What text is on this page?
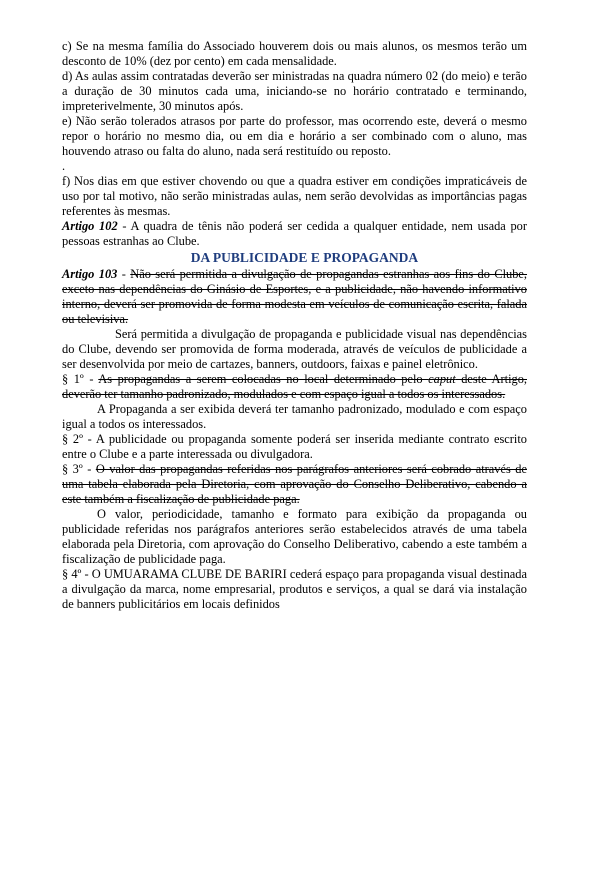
c) Se na mesma família do Associado houverem dois ou mais alunos, os mesmos terão um desconto de 10% (dez por cento) em cada mensalidade.

d) As aulas assim contratadas deverão ser ministradas na quadra número 02 (do meio) e terão a duração de 30 minutos cada uma, iniciando-se no horário contratado e terminando, impreterivelmente, 30 minutos após.

e) Não serão tolerados atrasos por parte do professor, mas ocorrendo este, deverá o mesmo repor o horário no mesmo dia, ou em dia e horário a ser combinado com o aluno, mas houvendo atraso ou falta do aluno, nada será restituído ou reposto.

.

f) Nos dias em que estiver chovendo ou que a quadra estiver em condições impraticáveis de uso por tal motivo, não serão ministradas aulas, nem serão devolvidas as importâncias pagas referentes às mesmas.

Artigo 102 - A quadra de tênis não poderá ser cedida a qualquer entidade, nem usada por pessoas estranhas ao Clube.

DA PUBLICIDADE E PROPAGANDA

Artigo 103 - Não será permitida a divulgação de propagandas estranhas aos fins do Clube, exceto nas dependências do Ginásio de Esportes, e a publicidade, não havendo informativo interno, deverá ser promovida de forma modesta em veículos de comunicação escrita, falada ou televisiva.

Será permitida a divulgação de propaganda e publicidade visual nas dependências do Clube, devendo ser promovida de forma moderada, através de veículos de publicidade a ser desenvolvida por meio de cartazes, banners, outdoors, faixas e painel eletrônico.

§ 1º - As propagandas a serem colocadas no local determinado pelo caput deste Artigo, deverão ter tamanho padronizado, modulados e com espaço igual a todos os interessados.

A Propaganda a ser exibida deverá ter tamanho padronizado, modulado e com espaço igual a todos os interessados.

§ 2º - A publicidade ou propaganda somente poderá ser inserida mediante contrato escrito entre o Clube e a parte interessada ou divulgadora.

§ 3º - O valor das propagandas referidas nos parágrafos anteriores será cobrado através de uma tabela elaborada pela Diretoria, com aprovação do Conselho Deliberativo, cabendo a este também a fiscalização de publicidade paga.

O valor, periodicidade, tamanho e formato para exibição da propaganda ou publicidade referidas nos parágrafos anteriores serão estabelecidos através de uma tabela elaborada pela Diretoria, com aprovação do Conselho Deliberativo, cabendo a este também a fiscalização de publicidade paga.

§ 4º - O UMUARAMA CLUBE DE BARIRI cederá espaço para propaganda visual destinada a divulgação da marca, nome empresarial, produtos e serviços, a qual se dará via instalação de banners publicitários em locais definidos
